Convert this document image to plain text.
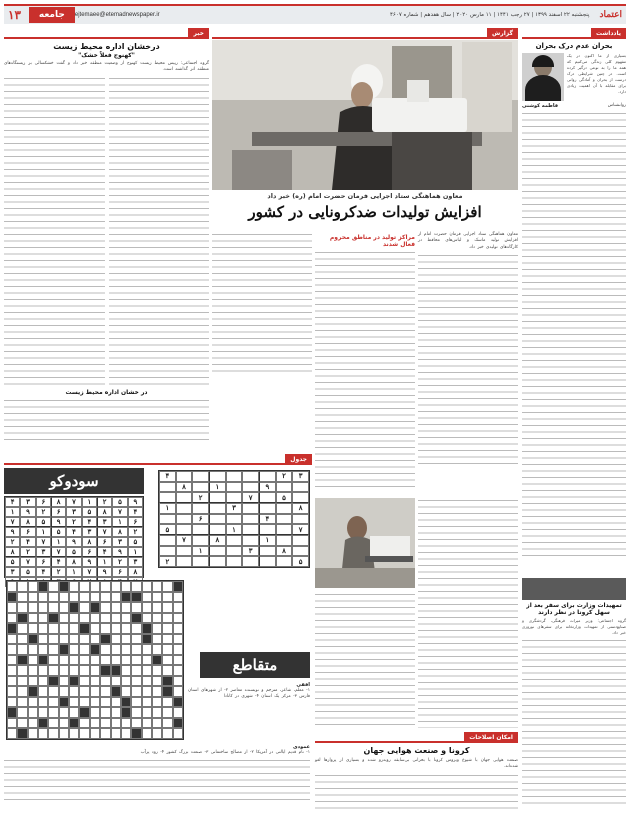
اعتماد
پنجشنبه ۲۲ اسفند ۱۳۹۹ | ۲۷ رجب ۱۴۴۱ | ۱۱ مارس ۲۰۲۰ | سال هفدهم | شماره ۴۶۰۷
ejtemaee@etemadnewspaper.ir
جامعه
۱۳
یادداشت
بحران عدم درک بحران
بسیاری از ما اکنون در یک مفهوم کلی زندگی می‌کنیم که همه ما را به نوعی درگیر کرده است. در چنین شرایطی درک درست از بحران و آمادگی روانی برای مقابله با آن اهمیت زیادی دارد.
روانشناس
فاطمه کوشنی
تمهیدات وزارت برای سفر بعد از
سهل کرونا در نظر دارند
گروه اجتماعی: وزیر میراث فرهنگی، گردشگری و صنایع‌دستی از تمهیدات وزارتخانه برای سفرهای نوروزی خبر داد.
گزارش
معاون هماهنگی ستاد اجرایی فرمان حضرت امام (ره) خبر داد
افزایش تولیدات ضدکرونایی در کشور
معاون هماهنگی ستاد اجرایی فرمان حضرت امام از افزایش تولید ماسک و لباس‌های محافظ در کارگاه‌های تولیدی خبر داد.
مراکز تولید در مناطق محروم فعال شدند
امکان اصلاحات
کرونا و صنعت هوایی جهان
صنعت هوایی جهان با شیوع ویروس کرونا با بحرانی بی‌سابقه روبه‌رو شده و بسیاری از پروازها لغو شده‌اند.
خبر
درخشان اداره محیط زیست
"کهنوج فعلاً خشک"
گروه اجتماعی: رییس محیط زیست کهنوج از وضعیت منطقه خبر داد و گفت خشکسالی بر زیستگاه‌های منطقه اثر گذاشته است.
در خشان اداره محیط زیست
جدول
سودوکو	۳
۲
۴
۹
۱
۸
۵
۷
۲
۸
۳
۱
۴
۶
۷
۱
۵
۱
۸
۷
۸
۳
۱
۵
۲
۹
۵
۲
۱
۷
۸
۶
۳
۴
۴
۷
۸
۵
۳
۶
۲
۹
۱
۶
۱
۳
۴
۲
۹
۵
۸
۷
۲
۸
۷
۳
۴
۵
۱
۶
۹
۵
۳
۶
۸
۹
۱
۷
۴
۲
۱
۹
۴
۶
۵
۷
۳
۲
۸
۳
۲
۱
۹
۸
۴
۶
۷
۵
۸
۶
۹
۷
۱
۲
۴
۵
۳
متقاطع
افقی
۱- معلم، شاعر، مترجم و نویسنده معاصر ۲- از شهرهای استان فارس ۳- مرکز یک استان ۴- شهری در کانادا
عمودی
۱- نام قدیم ایالتی در آمریکا ۲- از مصالح ساختمانی ۳- صنعت بزرگ کشور ۴- رود پرآب
